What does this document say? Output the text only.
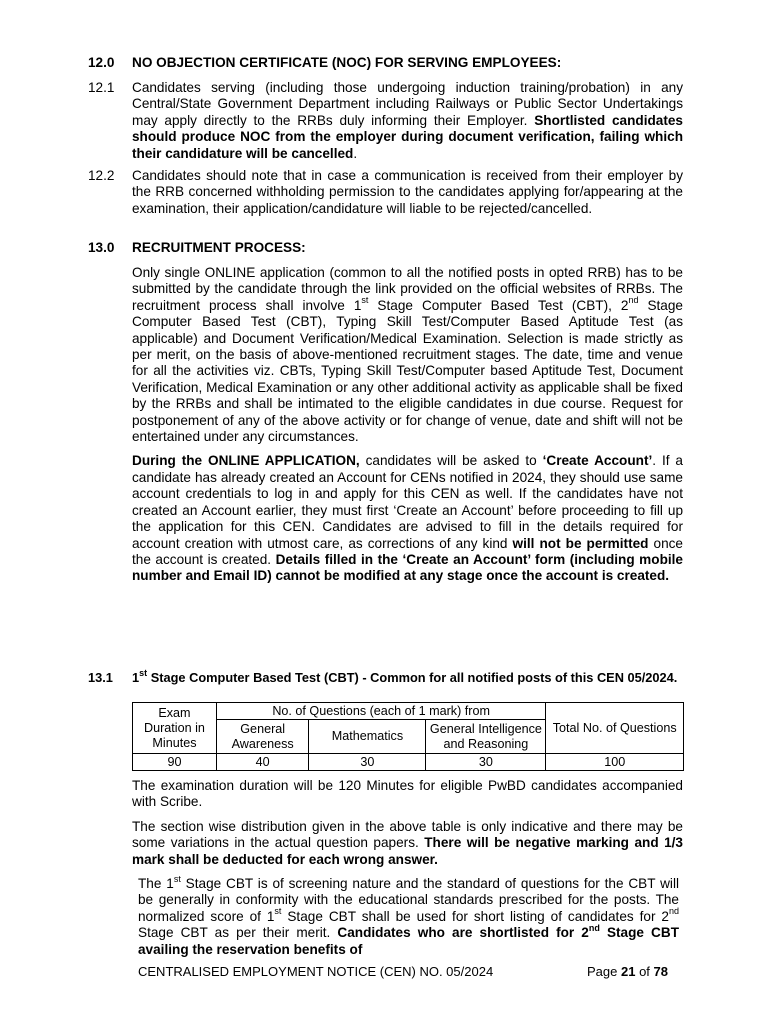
12.0	NO OBJECTION CERTIFICATE (NOC) FOR SERVING EMPLOYEES:
12.1	Candidates serving (including those undergoing induction training/probation) in any Central/State Government Department including Railways or Public Sector Undertakings may apply directly to the RRBs duly informing their Employer. Shortlisted candidates should produce NOC from the employer during document verification, failing which their candidature will be cancelled.
12.2	Candidates should note that in case a communication is received from their employer by the RRB concerned withholding permission to the candidates applying for/appearing at the examination, their application/candidature will liable to be rejected/cancelled.
13.0	RECRUITMENT PROCESS:
Only single ONLINE application (common to all the notified posts in opted RRB) has to be submitted by the candidate through the link provided on the official websites of RRBs. The recruitment process shall involve 1st Stage Computer Based Test (CBT), 2nd Stage Computer Based Test (CBT), Typing Skill Test/Computer Based Aptitude Test (as applicable) and Document Verification/Medical Examination. Selection is made strictly as per merit, on the basis of above-mentioned recruitment stages. The date, time and venue for all the activities viz. CBTs, Typing Skill Test/Computer based Aptitude Test, Document Verification, Medical Examination or any other additional activity as applicable shall be fixed by the RRBs and shall be intimated to the eligible candidates in due course. Request for postponement of any of the above activity or for change of venue, date and shift will not be entertained under any circumstances.
During the ONLINE APPLICATION, candidates will be asked to ‘Create Account’. If a candidate has already created an Account for CENs notified in 2024, they should use same account credentials to log in and apply for this CEN as well. If the candidates have not created an Account earlier, they must first ‘Create an Account’ before proceeding to fill up the application for this CEN. Candidates are advised to fill in the details required for account creation with utmost care, as corrections of any kind will not be permitted once the account is created. Details filled in the ‘Create an Account’ form (including mobile number and Email ID) cannot be modified at any stage once the account is created.
13.1	1st Stage Computer Based Test (CBT) - Common for all notified posts of this CEN 05/2024.
Exam Duration in Minutes	No. of Questions (each of 1 mark) from			Total No. of Questions
	General Awareness	Mathematics	General Intelligence and Reasoning	
90	40	30	30	100
The examination duration will be 120 Minutes for eligible PwBD candidates accompanied with Scribe.
The section wise distribution given in the above table is only indicative and there may be some variations in the actual question papers. There will be negative marking and 1/3 mark shall be deducted for each wrong answer.
The 1st Stage CBT is of screening nature and the standard of questions for the CBT will be generally in conformity with the educational standards prescribed for the posts. The normalized score of 1st Stage CBT shall be used for short listing of candidates for 2nd Stage CBT as per their merit. Candidates who are shortlisted for 2nd Stage CBT availing the reservation benefits of
CENTRALISED EMPLOYMENT NOTICE (CEN) NO. 05/2024	Page 21 of 78
